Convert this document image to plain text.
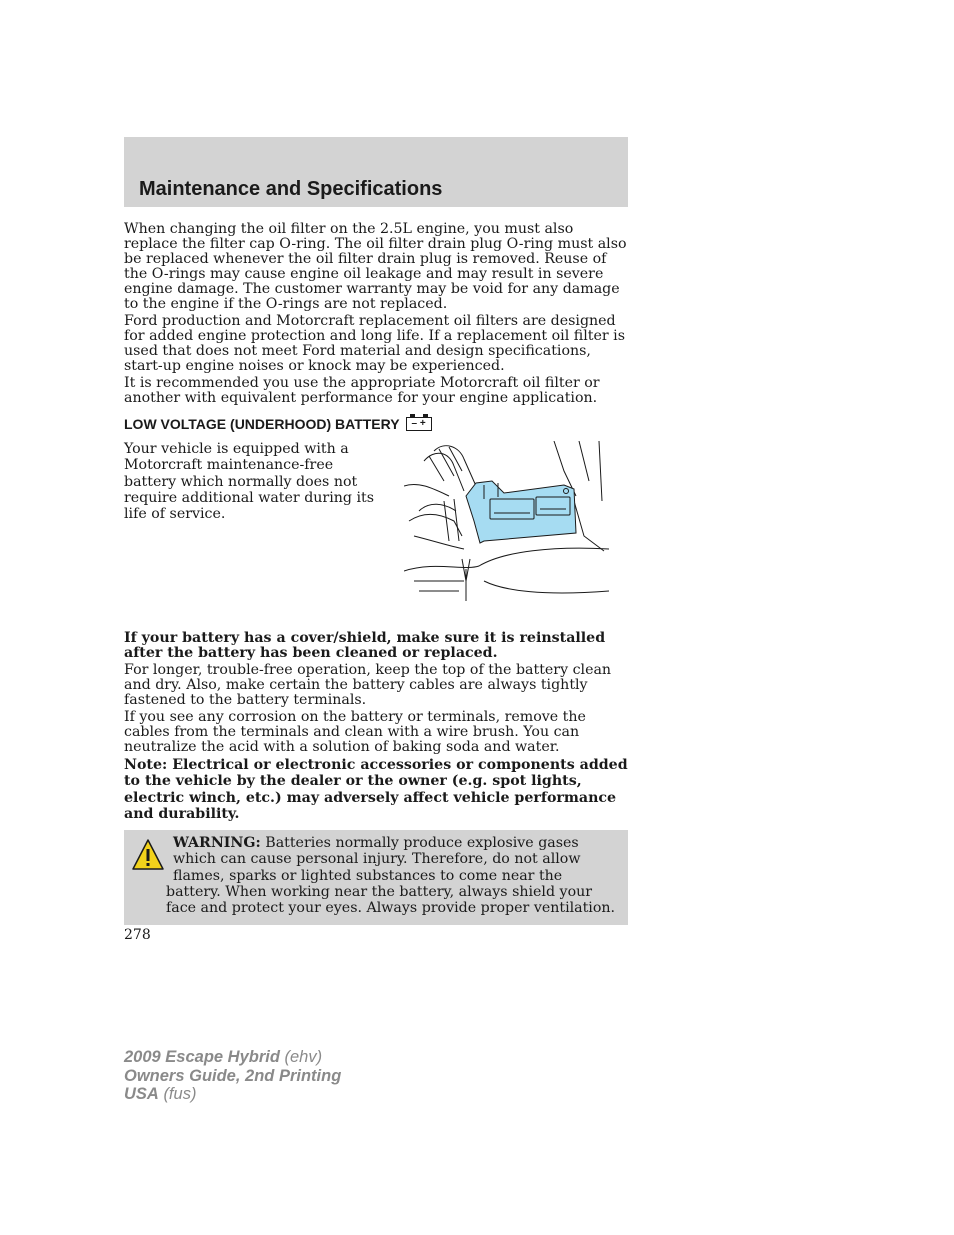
Maintenance and Specifications

When changing the oil filter on the 2.5L engine, you must also replace the filter cap O-ring. The oil filter drain plug O-ring must also be replaced whenever the oil filter drain plug is removed. Reuse of the O-rings may cause engine oil leakage and may result in severe engine damage. The customer warranty may be void for any damage to the engine if the O-rings are not replaced.

Ford production and Motorcraft replacement oil filters are designed for added engine protection and long life. If a replacement oil filter is used that does not meet Ford material and design specifications, start-up engine noises or knock may be experienced.

It is recommended you use the appropriate Motorcraft oil filter or another with equivalent performance for your engine application.

LOW VOLTAGE (UNDERHOOD) BATTERY	– +
Your vehicle is equipped with a Motorcraft maintenance-free battery which normally does not require additional water during its life of service.

If your battery has a cover/shield, make sure it is reinstalled after the battery has been cleaned or replaced.

For longer, trouble-free operation, keep the top of the battery clean and dry. Also, make certain the battery cables are always tightly fastened to the battery terminals.

If you see any corrosion on the battery or terminals, remove the cables from the terminals and clean with a wire brush. You can neutralize the acid with a solution of baking soda and water.

Note: Electrical or electronic accessories or components added to the vehicle by the dealer or the owner (e.g. spot lights, electric winch, etc.) may adversely affect vehicle performance and durability.

WARNING: Batteries normally produce explosive gases which can cause personal injury. Therefore, do not allow flames, sparks or lighted substances to come near the battery. When working near the battery, always shield your face and protect your eyes. Always provide proper ventilation.
278
2009 Escape Hybrid (ehv)
Owners Guide, 2nd Printing
USA (fus)
